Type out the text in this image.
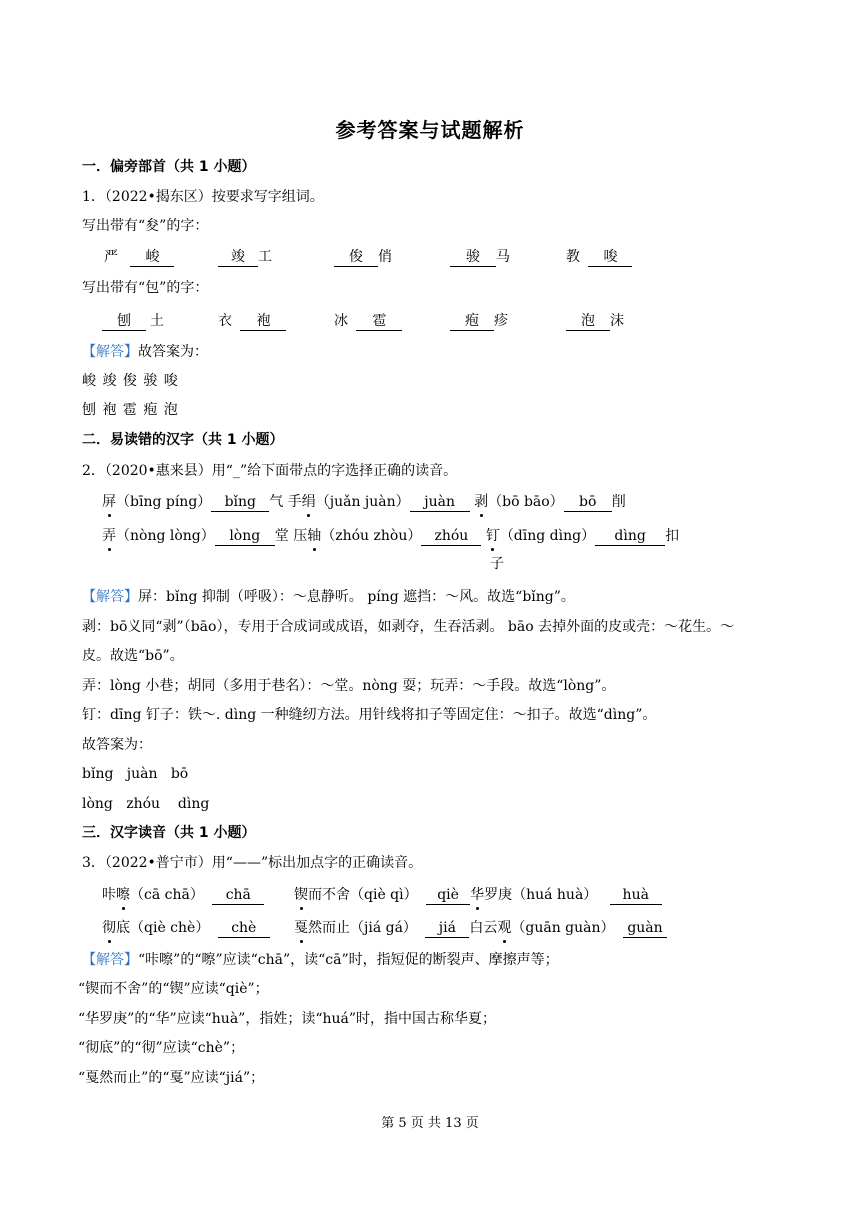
参考答案与试题解析
一．偏旁部首（共 1 小题）
1．（2022•揭东区）按要求写字组词。
写出带有“夋”的字：
严 峻	竣 工	俊 俏	骏 马	教 唆
写出带有“包”的字：
刨 土	衣 袍	冰 雹	疱 疹	泡 沫
【解答】故答案为：
峻 竣 俊 骏 唆
刨 袍 雹 疱 泡
二．易读错的汉字（共 1 小题）
2．（2020•惠来县）用“_”给下面带点的字选择正确的读音。
屏（bīng píng） bǐng 气 手绢（juǎn juàn） juàn 剥（bō bāo） bō 削
弄（nòng lòng） lòng 堂 压轴（zhóu zhòu） zhóu 钉（dīng dìng） dìng 扣
子
【解答】屏：bǐng 抑制（呼吸）：～息静听。 píng 遮挡：～风。故选“bǐng”。
剥：bō义同“剥”（bāo），专用于合成词或成语，如剥夺，生吞活剥。 bāo 去掉外面的皮或壳：～花生。～
皮。故选“bō”。
弄：lòng 小巷；胡同（多用于巷名）：～堂。nòng 耍；玩弄：～手段。故选“lòng”。
钉：dīng 钉子：铁～. dìng 一种缝纫方法。用针线将扣子等固定住：～扣子。故选“dìng”。
故答案为：
bǐng   juàn   bō
lòng   zhóu    dìng
三．汉字读音（共 1 小题）
3．（2022•普宁市）用“——”标出加点字的正确读音。
咔嚓（cā chā） chā	锲而不舍（qiè qì） qiè 华罗庚（huá huà） huà
彻底（qiè chè） chè	戛然而止（jiá gá） jiá 白云观（guān guàn） guàn
【解答】“咔嚓”的“嚓”应读“chā”，读“cā”时，指短促的断裂声、摩擦声等；
“锲而不舍”的“锲”应读“qiè”；
“华罗庚”的“华”应读“huà”，指姓；读“huá”时，指中国古称华夏；
“彻底”的“彻”应读“chè”；
“戛然而止”的“戛”应读“jiá”；
第 5 页 共 13 页
